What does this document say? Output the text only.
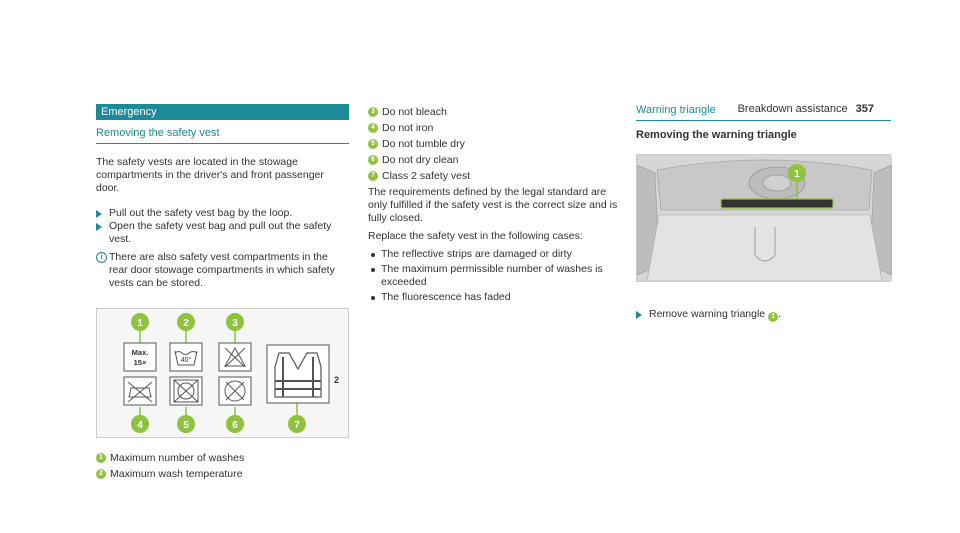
Breakdown assistance 357
Emergency
Removing the safety vest

The safety vests are located in the stowage compartments in the driver's and front passenger door.

Pull out the safety vest bag by the loop.
Open the safety vest bag and pull out the safety vest.
i There are also safety vest compartments in the rear door stowage compartments in which safety vests can be stored.
Max.
15×	40°
2
1	2	3
4	5	6	7
1 Maximum number of washes
2 Maximum wash temperature
3 Do not bleach
4 Do not iron
5 Do not tumble dry
6 Do not dry clean
7 Class 2 safety vest

The requirements defined by the legal standard are only fulfilled if the safety vest is the correct size and is fully closed.

Replace the safety vest in the following cases:

The reflective strips are damaged or dirty
The maximum permissible number of washes is exceeded
The fluorescence has faded
Warning triangle
Removing the warning triangle
1
Remove warning triangle 1 .
